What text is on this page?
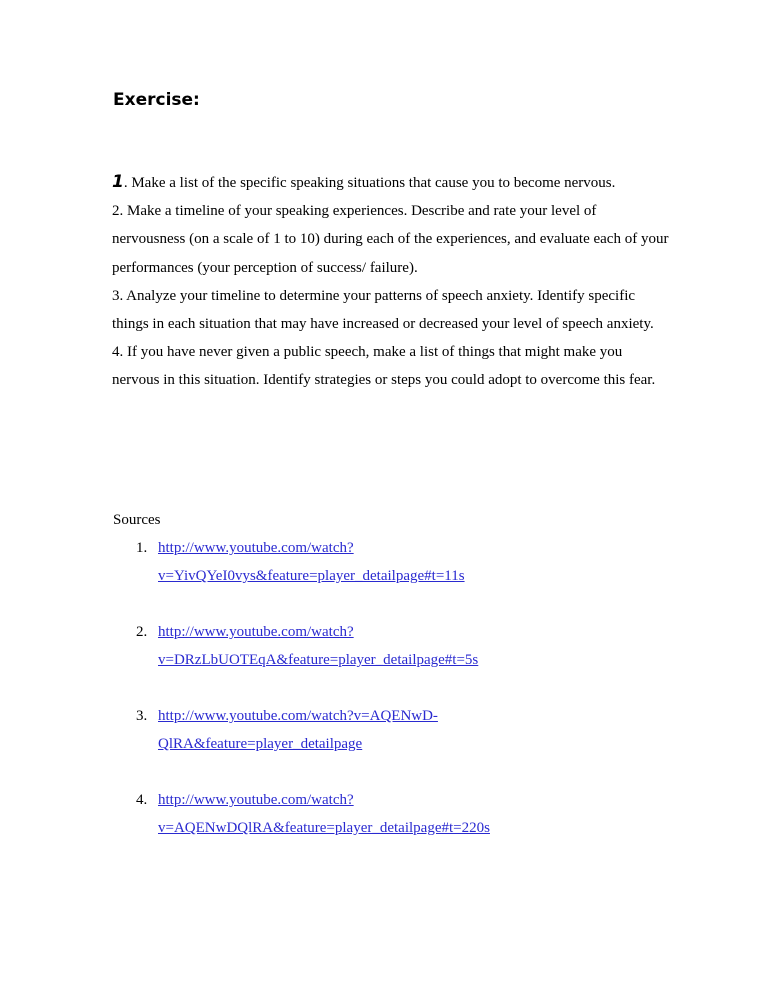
Exercise:

1. Make a list of the specific speaking situations that cause you to become nervous.

2. Make a timeline of your speaking experiences. Describe and rate your level of nervousness (on a scale of 1 to 10) during each of the experiences, and evaluate each of your performances (your perception of success/ failure).

3. Analyze your timeline to determine your patterns of speech anxiety. Identify specific things in each situation that may have increased or decreased your level of speech anxiety.

4. If you have never given a public speech, make a list of things that might make you nervous in this situation. Identify strategies or steps you could adopt to overcome this fear.

Sources

1. http://www.youtube.com/watch?
v=YivQYeI0vys&feature=player_detailpage#t=11s
2. http://www.youtube.com/watch?
v=DRzLbUOTEqA&feature=player_detailpage#t=5s
3. http://www.youtube.com/watch?v=AQENwD-
QlRA&feature=player_detailpage
4. http://www.youtube.com/watch?
v=AQENwDQlRA&feature=player_detailpage#t=220s
